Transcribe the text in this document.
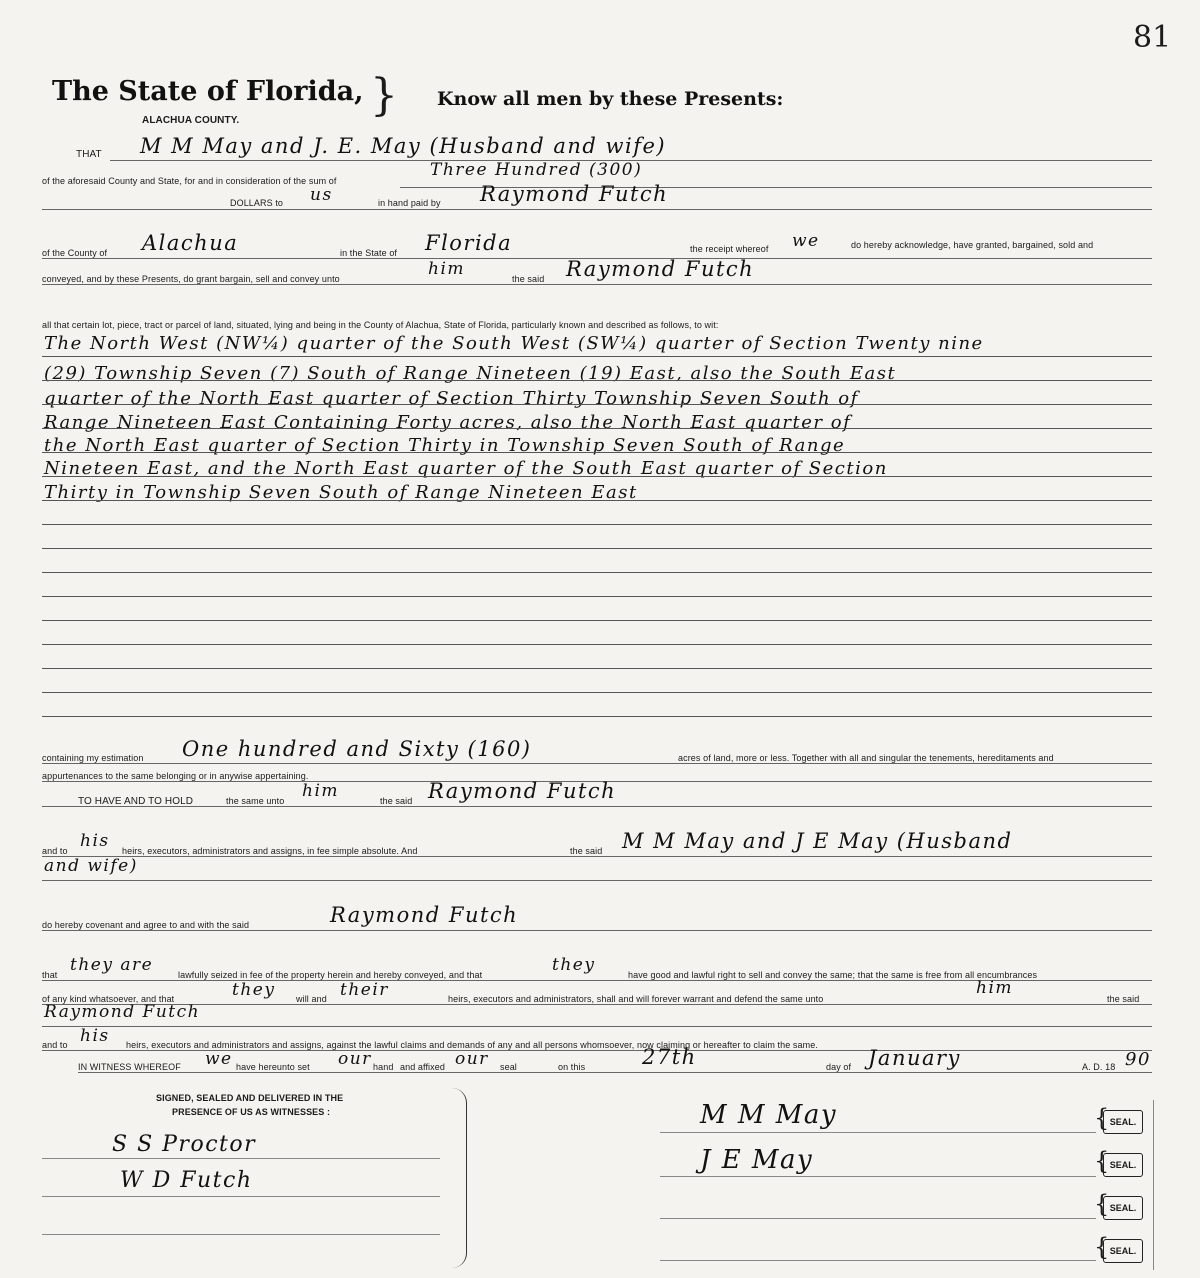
81
The State of Florida, }
ALACHUA COUNTY.
Know all men by these Presents:
THAT M M May and J. E. May (Husband and wife)
of the aforesaid County and State, for and in consideration of the sum of
Three Hundred (300)
DOLLARS to us	in hand paid by Raymond Futch
of the County of Alachua	in the State of Florida	the receipt whereof we	do hereby acknowledge, have granted, bargained, sold and
conveyed, and by these Presents, do grant bargain, sell and convey unto	him	the said Raymond Futch
all that certain lot, piece, tract or parcel of land, situated, lying and being in the County of Alachua, State of Florida, particularly known and described as follows, to wit:
The North West (NW¼) quarter of the South West (SW¼) quarter of Section Twenty nine
(29) Township Seven (7) South of Range Nineteen (19) East, also the South East
quarter of the North East quarter of Section Thirty Township Seven South of
Range Nineteen East Containing Forty acres, also the North East quarter of
the North East quarter of Section Thirty in Township Seven South of Range
Nineteen East, and the North East quarter of the South East quarter of Section
Thirty in Township Seven South of Range Nineteen East
containing my estimation One hundred and Sixty (160)	acres of land, more or less. Together with all and singular the tenements, hereditaments and
appurtenances to the same belonging or in anywise appertaining.
TO HAVE AND TO HOLD	the same unto him	the said Raymond Futch
and to his heirs, executors, administrators and assigns, in fee simple absolute. And	the said M M May and J E May (Husband
and wife)
do hereby covenant and agree to and with the said	Raymond Futch
that they are	lawfully seized in fee of the property herein and hereby conveyed, and that	they	have good and lawful right to sell and convey the same; that the same is free from all encumbrances
of any kind whatsoever, and that	they will and their	heirs, executors and administrators, shall and will forever warrant and defend the same unto
him
the said
Raymond Futch
and to his heirs, executors and administrators and assigns, against the lawful claims and demands of any and all persons whomsoever, now claiming or hereafter to claim the same.
IN WITNESS WHEREOF we have hereunto set our hand and affixed our seal	on this	27th	day of January	A. D. 18 90
SIGNED, SEALED AND DELIVERED IN THE
PRESENCE OF US AS WITNESSES :
S S Proctor
W D Futch
M M May
J E May
{ SEAL.
{ SEAL.
{ SEAL.
{ SEAL.
